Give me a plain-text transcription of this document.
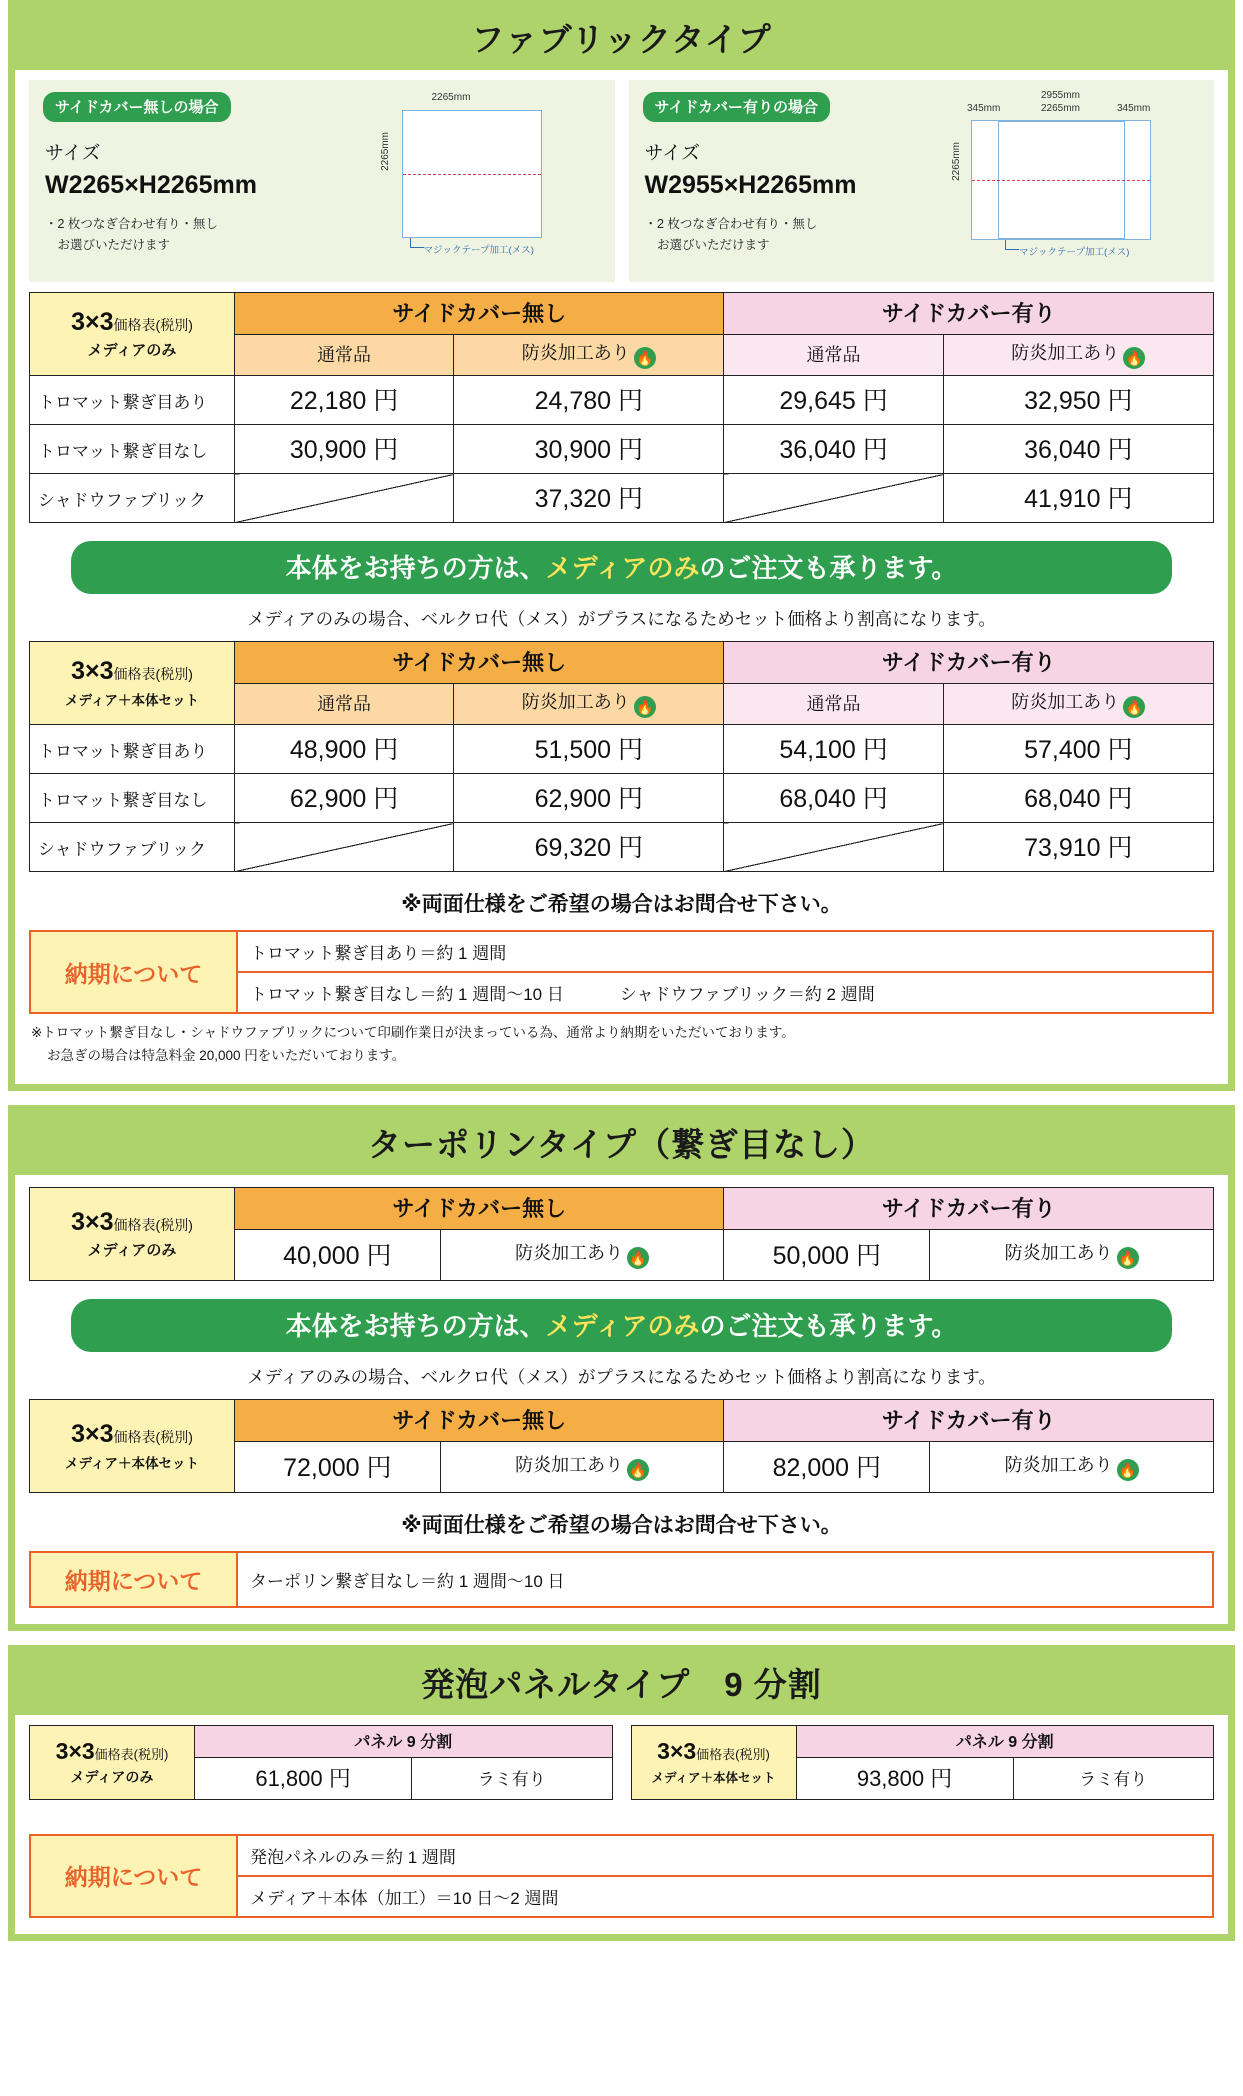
ファブリックタイプ
サイドカバー無しの場合
サイズ
W2265×H2265mm
・2 枚つなぎ合わせ有り・無し
　お選びいただけます
2265mm
2265mm
マジックテープ加工(メス)
サイドカバー有りの場合
サイズ
W2955×H2265mm
・2 枚つなぎ合わせ有り・無し
　お選びいただけます
2955mm
2265mm
345mm	345mm
2265mm
マジックテープ加工(メス)
3×3価格表(税別)
メディアのみ	サイドカバー無し		サイドカバー有り	
	通常品	防炎加工あり 🔥	通常品	防炎加工あり 🔥
トロマット繋ぎ目あり	22,180 円	24,780 円	29,645 円	32,950 円
トロマット繋ぎ目なし	30,900 円	30,900 円	36,040 円	36,040 円
シャドウファブリック		37,320 円		41,910 円
本体をお持ちの方は、メディアのみのご注文も承ります。
メディアのみの場合、ベルクロ代（メス）がプラスになるためセット価格より割高になります。
3×3価格表(税別)
メディア＋本体セット	サイドカバー無し		サイドカバー有り	
	通常品	防炎加工あり 🔥	通常品	防炎加工あり 🔥
トロマット繋ぎ目あり	48,900 円	51,500 円	54,100 円	57,400 円
トロマット繋ぎ目なし	62,900 円	62,900 円	68,040 円	68,040 円
シャドウファブリック		69,320 円		73,910 円
※両面仕様をご希望の場合はお問合せ下さい。
納期について
トロマット繋ぎ目あり＝約 1 週間
トロマット繋ぎ目なし＝約 1 週間〜10 日	シャドウファブリック＝約 2 週間
※トロマット繋ぎ目なし・シャドウファブリックについて印刷作業日が決まっている為、通常より納期をいただいております。
お急ぎの場合は特急料金 20,000 円をいただいております。
ターポリンタイプ（繋ぎ目なし）
3×3価格表(税別)
メディアのみ	サイドカバー無し		サイドカバー有り	
	40,000 円	防炎加工あり 🔥	50,000 円	防炎加工あり 🔥
本体をお持ちの方は、メディアのみのご注文も承ります。
メディアのみの場合、ベルクロ代（メス）がプラスになるためセット価格より割高になります。
3×3価格表(税別)
メディア＋本体セット	サイドカバー無し		サイドカバー有り	
	72,000 円	防炎加工あり 🔥	82,000 円	防炎加工あり 🔥
※両面仕様をご希望の場合はお問合せ下さい。
納期について	ターポリン繋ぎ目なし＝約 1 週間〜10 日
発泡パネルタイプ　9 分割
3×3価格表(税別)
メディアのみ	パネル 9 分割	
	61,800 円	ラミ有り
3×3価格表(税別)
メディア＋本体セット	パネル 9 分割	
	93,800 円	ラミ有り
納期について
発泡パネルのみ＝約 1 週間
メディア＋本体（加工）＝10 日〜2 週間
